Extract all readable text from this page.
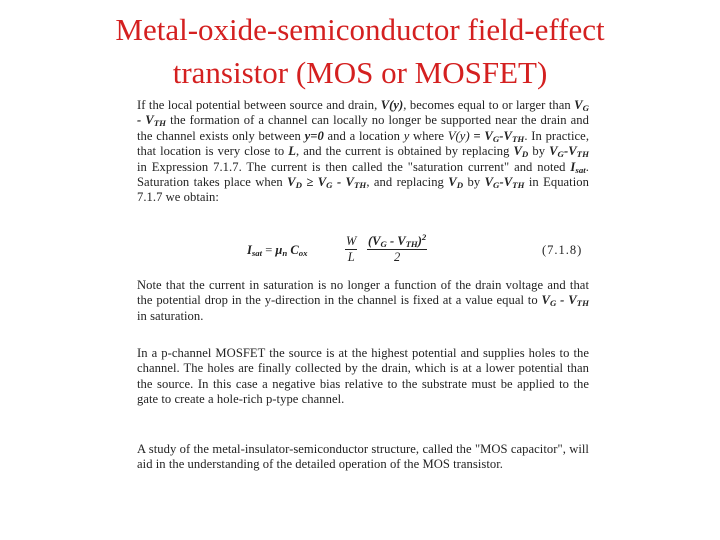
Metal-oxide-semiconductor field-effect
transistor (MOS or MOSFET)
If the local potential between source and drain, V(y), becomes equal to or larger than $V_G - V_{TH}$ the formation of a channel can locally no longer be supported near the drain and the channel exists only between y=0 and a location y where $V(y) = V_G-V_{TH}$. In practice, that location is very close to L, and the current is obtained by replacing $V_D$ by $V_G-V_{TH}$ in Expression 7.1.7. The current is then called the "saturation current" and noted $I_{sat}$. Saturation takes place when $V_D \ge V_G - V_{TH}$, and replacing $V_D$ by $V_G-V_{TH}$ in Equation 7.1.7 we obtain:
$I_{sat} = \mu_n$ $C_{ox}$	$\frac{W}{L} (V_G - V_{TH})^2$
2	(7.1.8)
Note that the current in saturation is no longer a function of the drain voltage and that the potential drop in the y-direction in the channel is fixed at a value equal to $V_G - V_{TH}$ in saturation.
In a p-channel MOSFET the source is at the highest potential and supplies holes to the channel. The holes are finally collected by the drain, which is at a lower potential than the source. In this case a negative bias relative to the substrate must be applied to the gate to create a hole-rich p-type channel.
A study of the metal-insulator-semiconductor structure, called the "MOS capacitor", will aid in the understanding of the detailed operation of the MOS transistor.
